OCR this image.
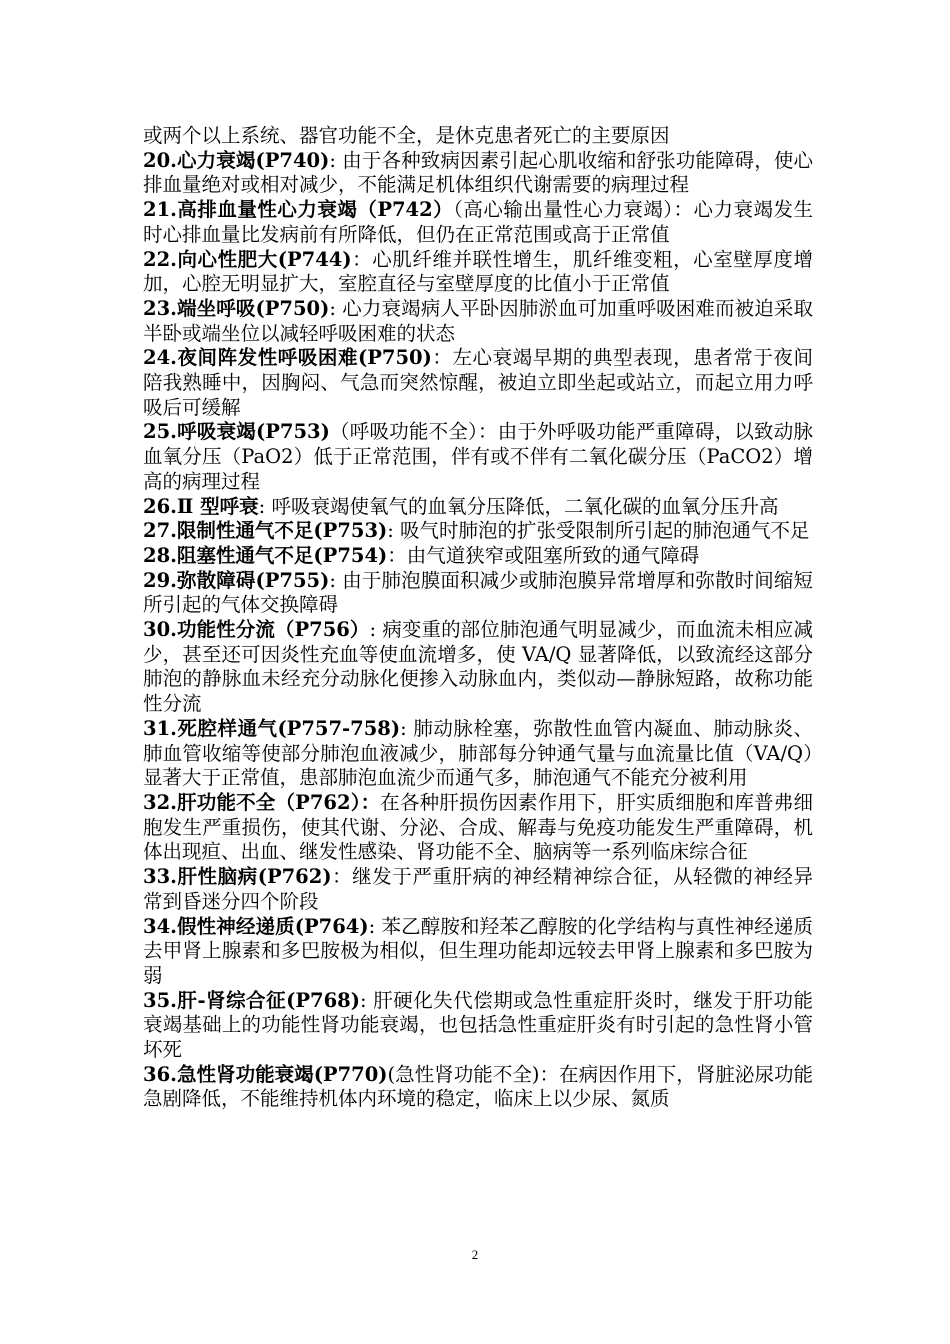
或两个以上系统、器官功能不全，是休克患者死亡的主要原因

20.心力衰竭(P740): 由于各种致病因素引起心肌收缩和舒张功能障碍，使心排血量绝对或相对减少，不能满足机体组织代谢需要的病理过程

21.高排血量性心力衰竭（P742）（高心输出量性心力衰竭）：心力衰竭发生时心排血量比发病前有所降低，但仍在正常范围或高于正常值

22.向心性肥大(P744)：心肌纤维并联性增生，肌纤维变粗，心室壁厚度增加，心腔无明显扩大，室腔直径与室壁厚度的比值小于正常值

23.端坐呼吸(P750): 心力衰竭病人平卧因肺淤血可加重呼吸困难而被迫采取半卧或端坐位以减轻呼吸困难的状态

24.夜间阵发性呼吸困难(P750)：左心衰竭早期的典型表现，患者常于夜间陪我熟睡中，因胸闷、气急而突然惊醒，被迫立即坐起或站立，而起立用力呼吸后可缓解

25.呼吸衰竭(P753)（呼吸功能不全）：由于外呼吸功能严重障碍，以致动脉血氧分压（PaO2）低于正常范围，伴有或不伴有二氧化碳分压（PaCO2）增高的病理过程

26.Ⅱ 型呼衰: 呼吸衰竭使氧气的血氧分压降低，二氧化碳的血氧分压升高

27.限制性通气不足(P753): 吸气时肺泡的扩张受限制所引起的肺泡通气不足

28.阻塞性通气不足(P754)：由气道狭窄或阻塞所致的通气障碍

29.弥散障碍(P755): 由于肺泡膜面积减少或肺泡膜异常增厚和弥散时间缩短所引起的气体交换障碍

30.功能性分流（P756）: 病变重的部位肺泡通气明显减少，而血流未相应减少，甚至还可因炎性充血等使血流增多，使 VA/Q 显著降低，以致流经这部分肺泡的静脉血未经充分动脉化便掺入动脉血内，类似动—静脉短路，故称功能性分流

31.死腔样通气(P757-758): 肺动脉栓塞，弥散性血管内凝血、肺动脉炎、肺血管收缩等使部分肺泡血液减少，肺部每分钟通气量与血流量比值（VA/Q）显著大于正常值，患部肺泡血流少而通气多，肺泡通气不能充分被利用

32.肝功能不全（P762）：在各种肝损伤因素作用下，肝实质细胞和库普弗细胞发生严重损伤，使其代谢、分泌、合成、解毒与免疫功能发生严重障碍，机体出现疸、出血、继发性感染、肾功能不全、脑病等一系列临床综合征

33.肝性脑病(P762)：继发于严重肝病的神经精神综合征，从轻微的神经异常到昏迷分四个阶段

34.假性神经递质(P764): 苯乙醇胺和羟苯乙醇胺的化学结构与真性神经递质去甲肾上腺素和多巴胺极为相似，但生理功能却远较去甲肾上腺素和多巴胺为弱

35.肝-肾综合征(P768): 肝硬化失代偿期或急性重症肝炎时，继发于肝功能衰竭基础上的功能性肾功能衰竭，也包括急性重症肝炎有时引起的急性肾小管坏死

36.急性肾功能衰竭(P770)(急性肾功能不全)：在病因作用下，肾脏泌尿功能急剧降低，不能维持机体内环境的稳定，临床上以少尿、氮质

2
